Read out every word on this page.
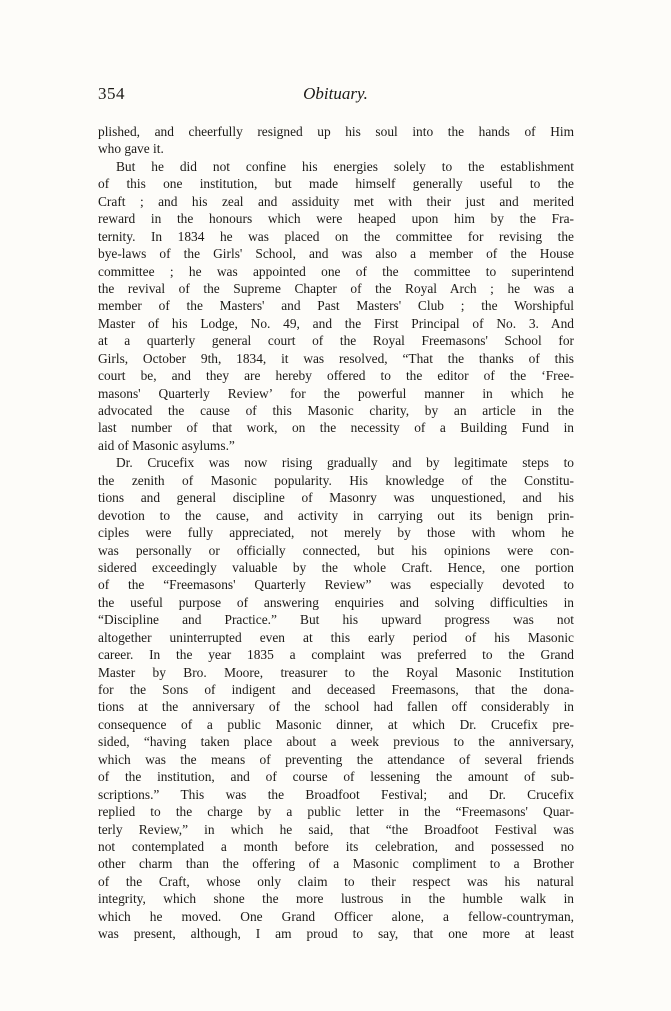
354	Obituary.
plished, and cheerfully resigned up his soul into the hands of Him
who gave it.
But he did not confine his energies solely to the establishment
of this one institution, but made himself generally useful to the
Craft ; and his zeal and assiduity met with their just and merited
reward in the honours which were heaped upon him by the Fra-
ternity. In 1834 he was placed on the committee for revising the
bye-laws of the Girls' School, and was also a member of the House
committee ; he was appointed one of the committee to superintend
the revival of the Supreme Chapter of the Royal Arch ; he was a
member of the Masters' and Past Masters' Club ; the Worshipful
Master of his Lodge, No. 49, and the First Principal of No. 3. And
at a quarterly general court of the Royal Freemasons' School for
Girls, October 9th, 1834, it was resolved, “That the thanks of this
court be, and they are hereby offered to the editor of the ‘Free-
masons' Quarterly Review’ for the powerful manner in which he
advocated the cause of this Masonic charity, by an article in the
last number of that work, on the necessity of a Building Fund in
aid of Masonic asylums.”
Dr. Crucefix was now rising gradually and by legitimate steps to
the zenith of Masonic popularity. His knowledge of the Constitu-
tions and general discipline of Masonry was unquestioned, and his
devotion to the cause, and activity in carrying out its benign prin-
ciples were fully appreciated, not merely by those with whom he
was personally or officially connected, but his opinions were con-
sidered exceedingly valuable by the whole Craft. Hence, one portion
of the “Freemasons' Quarterly Review” was especially devoted to
the useful purpose of answering enquiries and solving difficulties in
“Discipline and Practice.” But his upward progress was not
altogether uninterrupted even at this early period of his Masonic
career. In the year 1835 a complaint was preferred to the Grand
Master by Bro. Moore, treasurer to the Royal Masonic Institution
for the Sons of indigent and deceased Freemasons, that the dona-
tions at the anniversary of the school had fallen off considerably in
consequence of a public Masonic dinner, at which Dr. Crucefix pre-
sided, “having taken place about a week previous to the anniversary,
which was the means of preventing the attendance of several friends
of the institution, and of course of lessening the amount of sub-
scriptions.” This was the Broadfoot Festival; and Dr. Crucefix
replied to the charge by a public letter in the “Freemasons' Quar-
terly Review,” in which he said, that “the Broadfoot Festival was
not contemplated a month before its celebration, and possessed no
other charm than the offering of a Masonic compliment to a Brother
of the Craft, whose only claim to their respect was his natural
integrity, which shone the more lustrous in the humble walk in
which he moved. One Grand Officer alone, a fellow-countryman,
was present, although, I am proud to say, that one more at least
